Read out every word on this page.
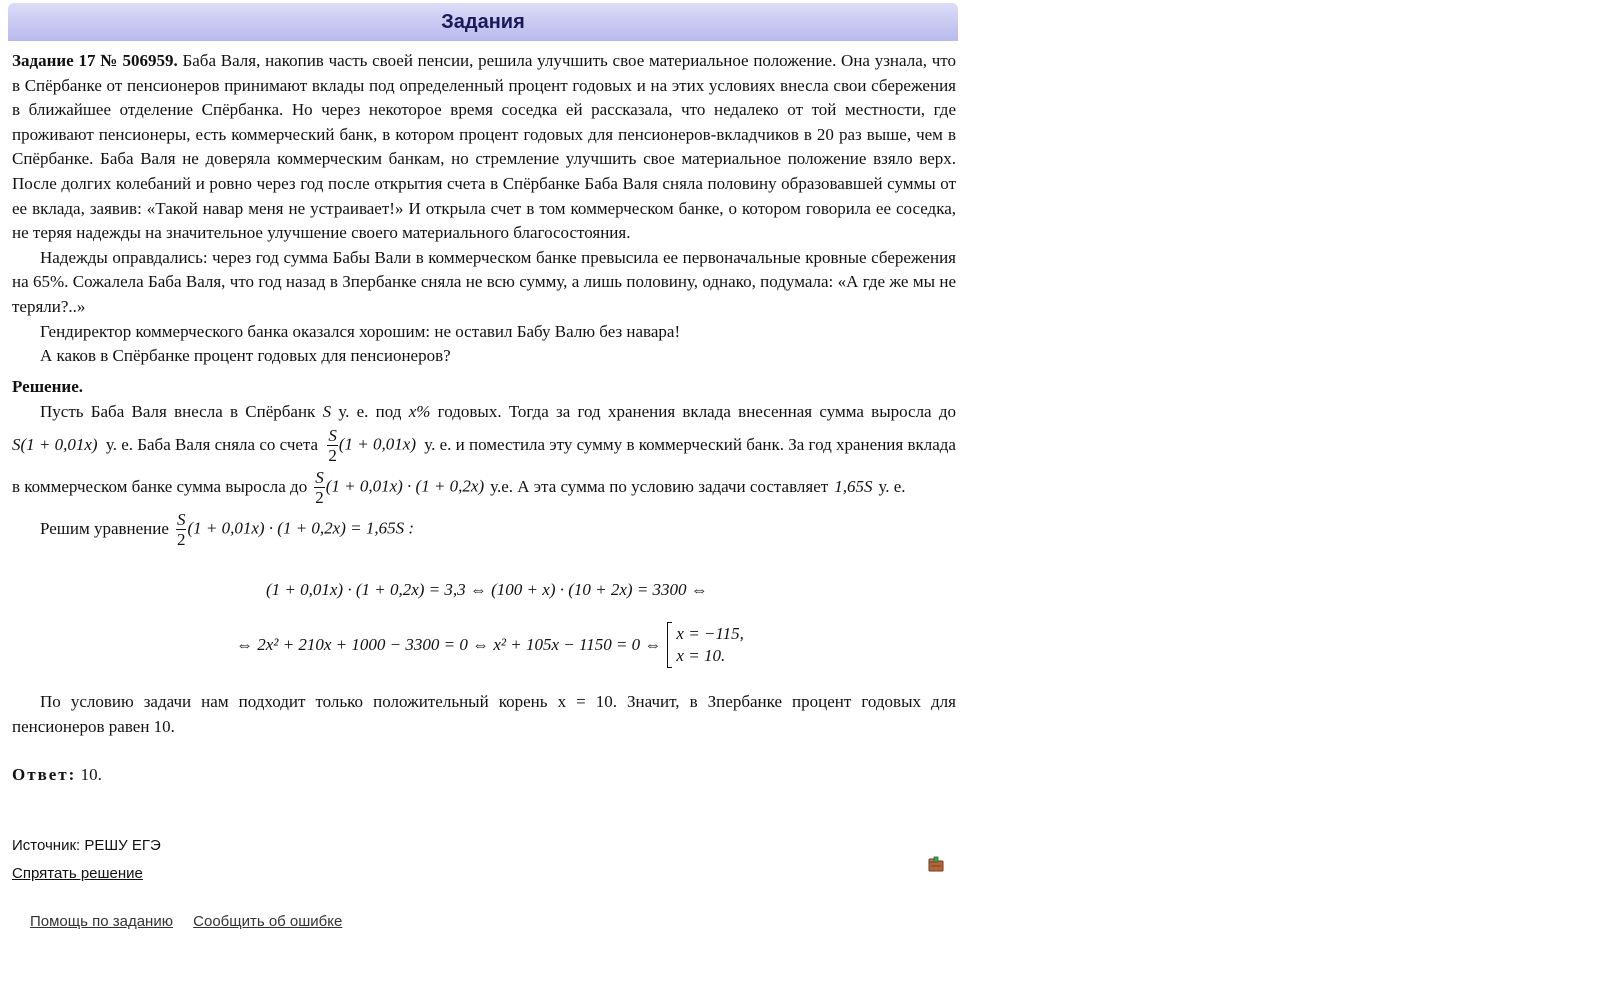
Задания

Задание 17 № 506959. Баба Валя, накопив часть своей пенсии, решила улучшить свое материальное положение. Она узнала, что в Спёрбанке от пенсионеров принимают вклады под определенный процент годовых и на этих условиях внесла свои сбережения в ближайшее отделение Спёрбанка. Но через некоторое время соседка ей рассказала, что недалеко от той местности, где проживают пенсионеры, есть коммерческий банк, в котором процент годовых для пенсионеров-вкладчиков в 20 раз выше, чем в Спёрбанке. Баба Валя не доверяла коммерческим банкам, но стремление улучшить свое материальное положение взяло верх. После долгих колебаний и ровно через год после открытия счета в Спёрбанке Баба Валя сняла половину образовавшей суммы от ее вклада, заявив: «Такой навар меня не устраивает!» И открыла счет в том коммерческом банке, о котором говорила ее соседка, не теряя надежды на значительное улучшение своего материального благосостояния.

Надежды оправдались: через год сумма Бабы Вали в коммерческом банке превысила ее первоначальные кровные сбережения на 65%. Сожалела Баба Валя, что год назад в Зпербанке сняла не всю сумму, а лишь половину, однако, подумала: «А где же мы не теряли?..»

Гендиректор коммерческого банка оказался хорошим: не оставил Бабу Валю без навара!

А каков в Спёрбанке процент годовых для пенсионеров?

Решение.
Пусть Баба Валя внесла в Спёрбанк S у. е. под x% годовых. Тогда за год хранения вклада внесенная сумма выросла до
S(1 + 0,01x) у. е. Баба Валя сняла со счета $\frac{S}{2} (1 + 0,01x)$ у. е. и поместила эту сумму в коммерческий банк. За год хранения вклада
в коммерческом банке сумма выросла до $\frac{S}{2} (1 + 0,01x) \cdot (1 + 0,2x)$ у.е. А эта сумма по условию задачи составляет 1,65S у. е.
Решим уравнение $\frac{S}{2} (1 + 0,01x) \cdot (1 + 0,2x) = 1,65S$ :
(1 + 0,01x) · (1 + 0,2x) = 3,3 ⇔ (100 + x) · (10 + 2x) = 3300 ⇔
⇔ 2x² + 210x + 1000 − 3300 = 0 ⇔ x² + 105x − 1150 = 0 ⇔
x = −115,
x = 10.
По условию задачи нам подходит только положительный корень x = 10. Значит, в Зпербанке процент годовых для пенсионеров равен 10.
Ответ: 10.
Источник: РЕШУ ЕГЭ
Спрятать решение
Помощь по заданию Сообщить об ошибке
